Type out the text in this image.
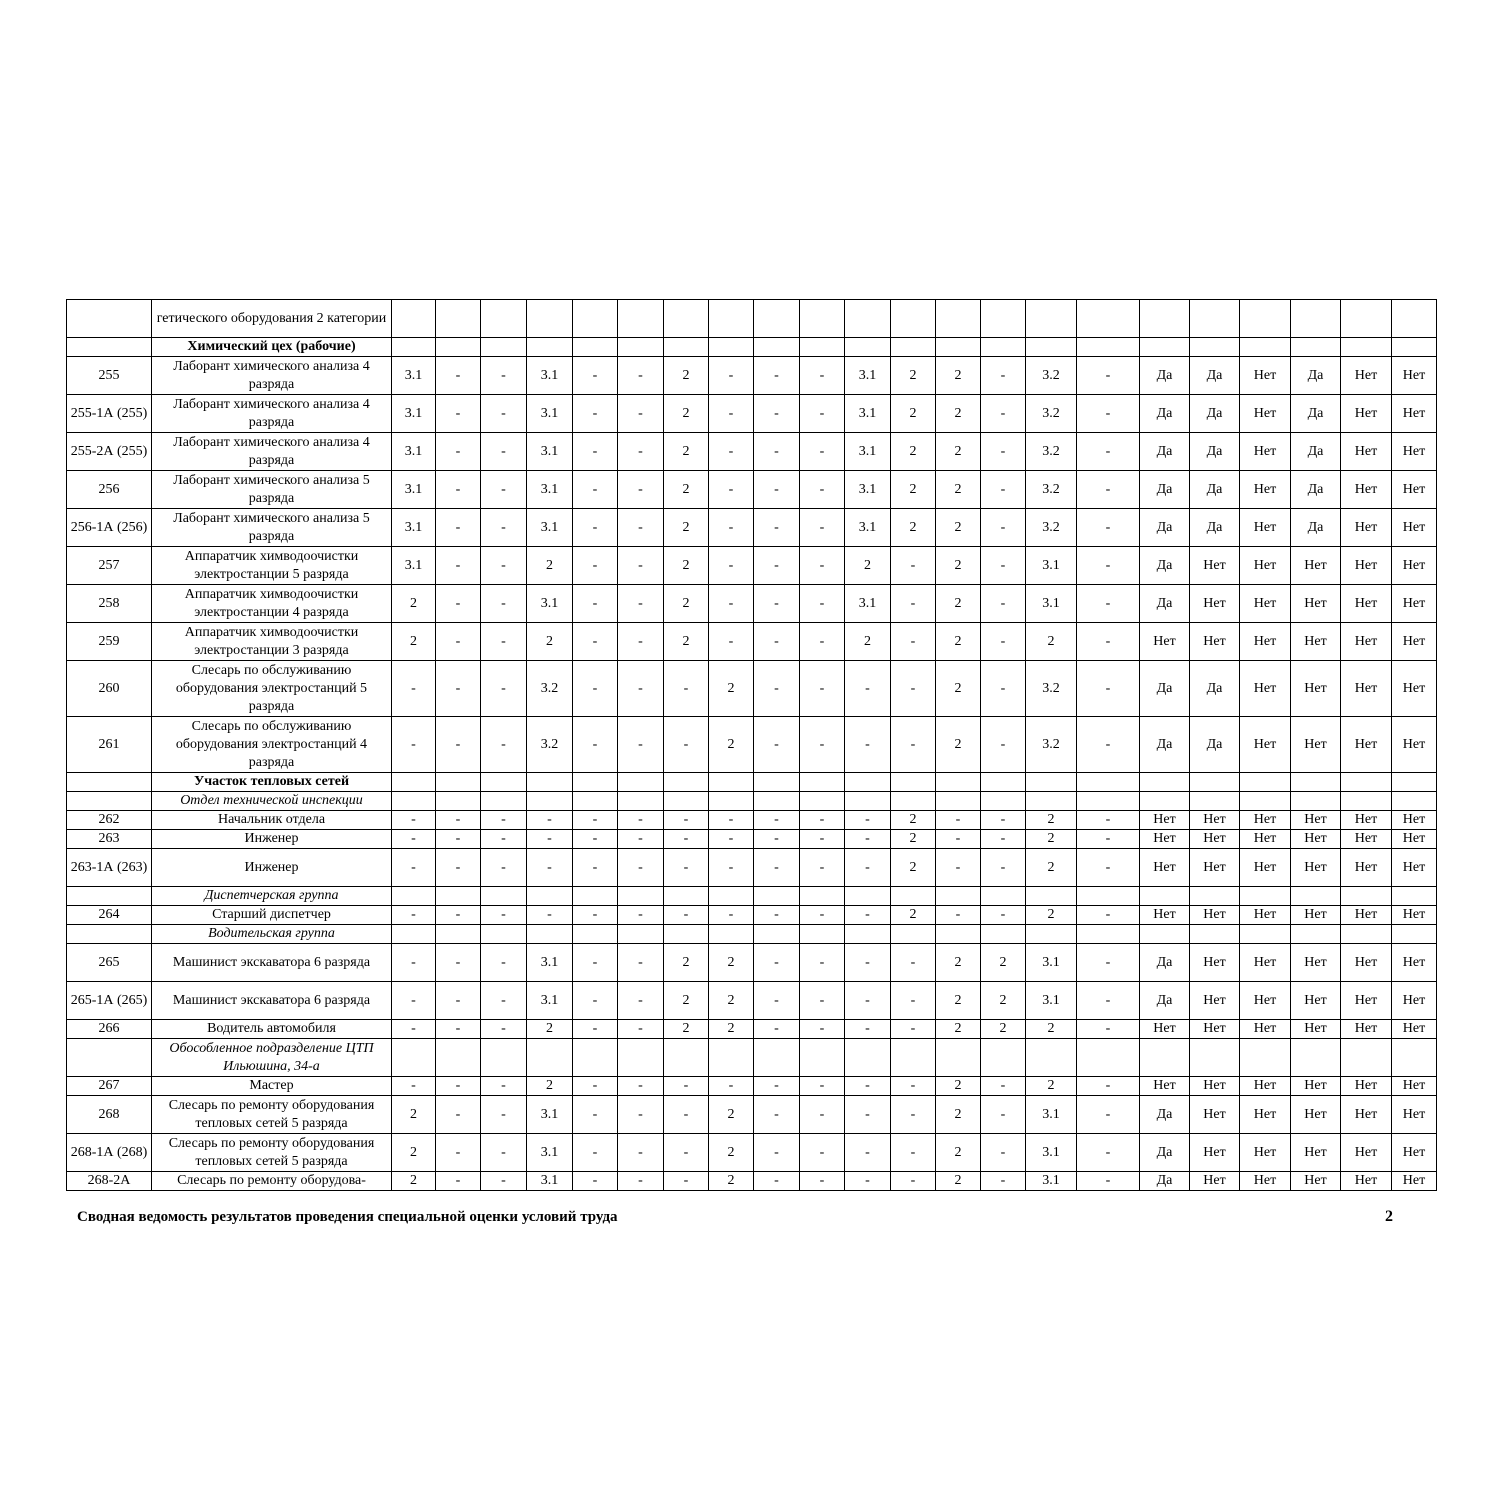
	гетического оборудования 2 категории																						
	Химический цех (рабочие)																						
255	Лаборант химического анализа 4 разряда	3.1	-	-	3.1	-	-	2	-	-	-	3.1	2	2	-	3.2	-	Да	Да	Нет	Да	Нет	Нет
255-1А (255)	Лаборант химического анализа 4 разряда	3.1	-	-	3.1	-	-	2	-	-	-	3.1	2	2	-	3.2	-	Да	Да	Нет	Да	Нет	Нет
255-2А (255)	Лаборант химического анализа 4 разряда	3.1	-	-	3.1	-	-	2	-	-	-	3.1	2	2	-	3.2	-	Да	Да	Нет	Да	Нет	Нет
256	Лаборант химического анализа 5 разряда	3.1	-	-	3.1	-	-	2	-	-	-	3.1	2	2	-	3.2	-	Да	Да	Нет	Да	Нет	Нет
256-1А (256)	Лаборант химического анализа 5 разряда	3.1	-	-	3.1	-	-	2	-	-	-	3.1	2	2	-	3.2	-	Да	Да	Нет	Да	Нет	Нет
257	Аппаратчик химводоочистки электростанции 5 разряда	3.1	-	-	2	-	-	2	-	-	-	2	-	2	-	3.1	-	Да	Нет	Нет	Нет	Нет	Нет
258	Аппаратчик химводоочистки электростанции 4 разряда	2	-	-	3.1	-	-	2	-	-	-	3.1	-	2	-	3.1	-	Да	Нет	Нет	Нет	Нет	Нет
259	Аппаратчик химводоочистки электростанции 3 разряда	2	-	-	2	-	-	2	-	-	-	2	-	2	-	2	-	Нет	Нет	Нет	Нет	Нет	Нет
260	Слесарь по обслуживанию оборудования электростанций 5 разряда	-	-	-	3.2	-	-	-	2	-	-	-	-	2	-	3.2	-	Да	Да	Нет	Нет	Нет	Нет
261	Слесарь по обслуживанию оборудования электростанций 4 разряда	-	-	-	3.2	-	-	-	2	-	-	-	-	2	-	3.2	-	Да	Да	Нет	Нет	Нет	Нет
	Участок тепловых сетей																						
	Отдел технической инспекции																						
262	Начальник отдела	-	-	-	-	-	-	-	-	-	-	-	2	-	-	2	-	Нет	Нет	Нет	Нет	Нет	Нет
263	Инженер	-	-	-	-	-	-	-	-	-	-	-	2	-	-	2	-	Нет	Нет	Нет	Нет	Нет	Нет
263-1А (263)	Инженер	-	-	-	-	-	-	-	-	-	-	-	2	-	-	2	-	Нет	Нет	Нет	Нет	Нет	Нет
	Диспетчерская группа																						
264	Старший диспетчер	-	-	-	-	-	-	-	-	-	-	-	2	-	-	2	-	Нет	Нет	Нет	Нет	Нет	Нет
	Водительская группа																						
265	Машинист экскаватора 6 разряда	-	-	-	3.1	-	-	2	2	-	-	-	-	2	2	3.1	-	Да	Нет	Нет	Нет	Нет	Нет
265-1А (265)	Машинист экскаватора 6 разряда	-	-	-	3.1	-	-	2	2	-	-	-	-	2	2	3.1	-	Да	Нет	Нет	Нет	Нет	Нет
266	Водитель автомобиля	-	-	-	2	-	-	2	2	-	-	-	-	2	2	2	-	Нет	Нет	Нет	Нет	Нет	Нет
	Обособленное подразделение ЦТП Ильюшина, 34-а																						
267	Мастер	-	-	-	2	-	-	-	-	-	-	-	-	2	-	2	-	Нет	Нет	Нет	Нет	Нет	Нет
268	Слесарь по ремонту оборудования тепловых сетей 5 разряда	2	-	-	3.1	-	-	-	2	-	-	-	-	2	-	3.1	-	Да	Нет	Нет	Нет	Нет	Нет
268-1А (268)	Слесарь по ремонту оборудования тепловых сетей 5 разряда	2	-	-	3.1	-	-	-	2	-	-	-	-	2	-	3.1	-	Да	Нет	Нет	Нет	Нет	Нет
268-2А	Слесарь по ремонту оборудова-	2	-	-	3.1	-	-	-	2	-	-	-	-	2	-	3.1	-	Да	Нет	Нет	Нет	Нет	Нет
Сводная ведомость результатов проведения специальной оценки условий труда	2
